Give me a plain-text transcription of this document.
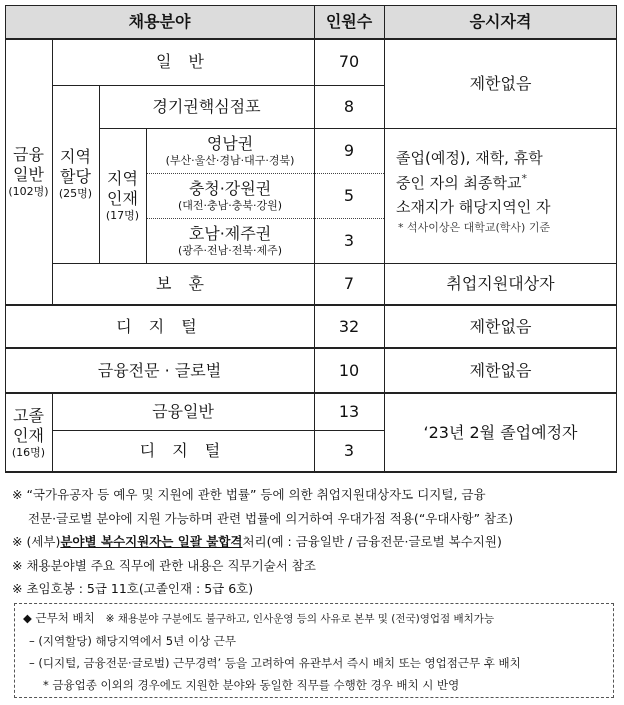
채용분야	인원수	응시자격
금융
일반
(102명)
지역
할당
(25명)
지역
인재
(17명)
고졸
인재
(16명)
일 반
경기권핵심점포
영남권
(부산·울산·경남·대구·경북)
충청·강원권
(대전·충남·충북·강원)
호남·제주권
(광주·전남·전북·제주)
보 훈
디 지 털
금융전문 · 글로벌
금융일반
디 지 털
70
8
9
5
3
7
32
10
13
3
제한없음
졸업(예정), 재학, 휴학
중인 자의 최종학교*
소재지가 해당지역인 자
* 석사이상은 대학교(학사) 기준
취업지원대상자
제한없음
제한없음
‘23년 2월 졸업예정자
※ “국가유공자 등 예우 및 지원에 관한 법률” 등에 의한 취업지원대상자도 디지털, 금융
전문·글로벌 분야에 지원 가능하며 관련 법률에 의거하여 우대가점 적용(“우대사항” 참조)
※ (세부)분야별 복수지원자는 일괄 불합격처리(예 : 금융일반 / 금융전문·글로벌 복수지원)
※ 채용분야별 주요 직무에 관한 내용은 직무기술서 참조
※ 초임호봉 : 5급 11호(고졸인재 : 5급 6호)
◆ 근무처 배치 ※ 채용분야 구분에도 불구하고, 인사운영 등의 사유로 본부 및 (전국)영업점 배치가능
– (지역할당) 해당지역에서 5년 이상 근무
– (디지털, 금융전문·글로벌) 근무경력’ 등을 고려하여 유관부서 즉시 배치 또는 영업점근무 후 배치
* 금융업종 이외의 경우에도 지원한 분야와 동일한 직무를 수행한 경우 배치 시 반영
